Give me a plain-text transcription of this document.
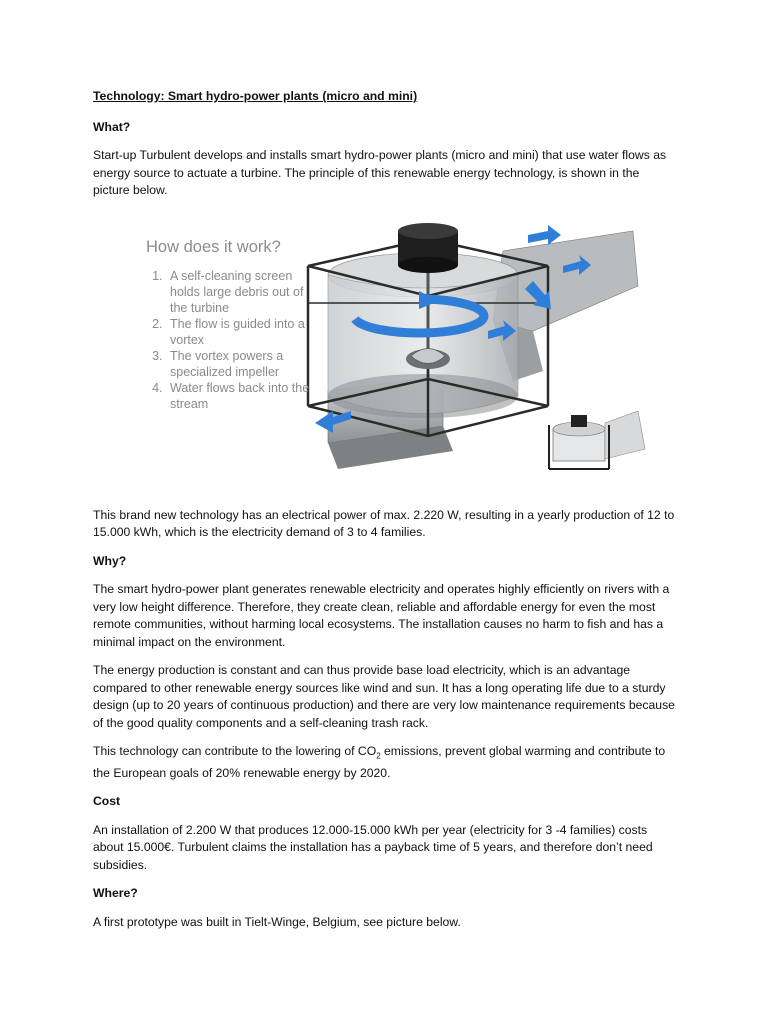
Technology: Smart hydro-power plants (micro and mini)

What?

Start-up Turbulent develops and installs smart hydro-power plants (micro and mini) that use water flows as energy source to actuate a turbine. The principle of this renewable energy technology, is shown in the picture below.

How does it work?

1. A self-cleaning screen holds large debris out of the turbine
2. The flow is guided into a vortex
3. The vortex powers a specialized impeller
4. Water flows back into the stream

This brand new technology has an electrical power of max. 2.220 W, resulting in a yearly production of 12 to 15.000 kWh, which is the electricity demand of 3 to 4 families.

Why?

The smart hydro-power plant generates renewable electricity and operates highly efficiently on rivers with a very low height difference. Therefore, they create clean, reliable and affordable energy for even the most remote communities, without harming local ecosystems. The installation causes no harm to fish and has a minimal impact on the environment.

The energy production is constant and can thus provide base load electricity, which is an advantage compared to other renewable energy sources like wind and sun. It has a long operating life due to a sturdy design (up to 20 years of continuous production) and there are very low maintenance requirements because of the good quality components and a self-cleaning trash rack.

This technology can contribute to the lowering of $CO_2$ emissions, prevent global warming and contribute to the European goals of 20% renewable energy by 2020.

Cost

An installation of 2.200 W that produces 12.000-15.000 kWh per year (electricity for 3 -4 families) costs about 15.000€. Turbulent claims the installation has a payback time of 5 years, and therefore don’t need subsidies.

Where?

A first prototype was built in Tielt-Winge, Belgium, see picture below.
